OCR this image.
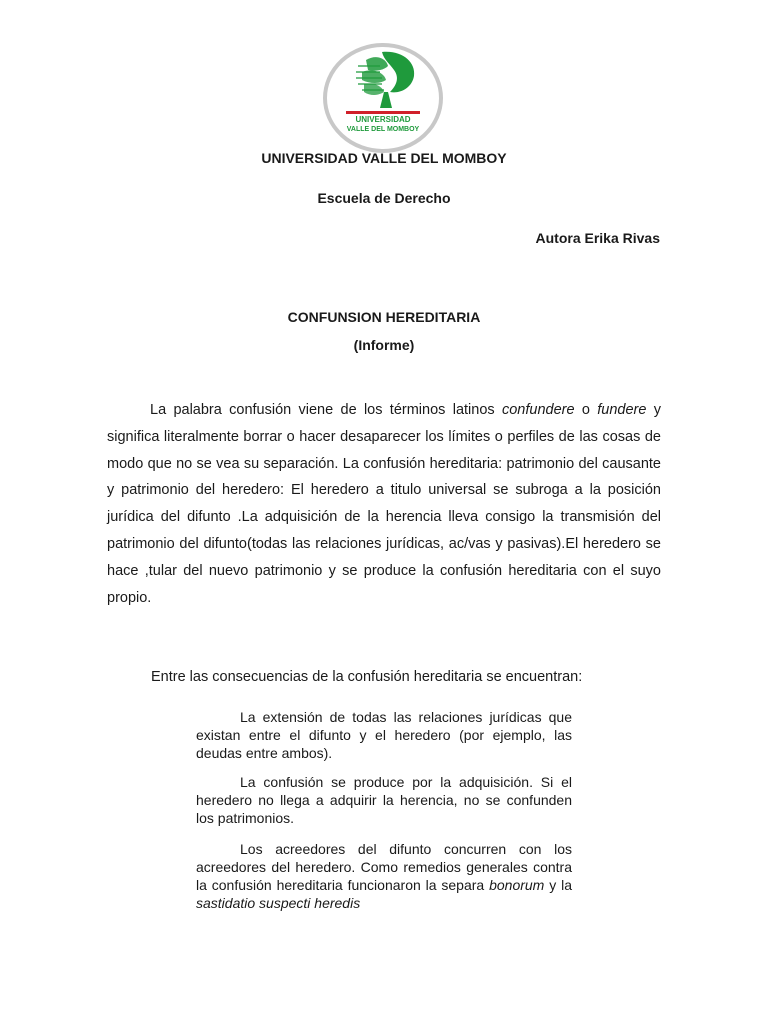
UNIVERSIDAD
VALLE DEL MOMBOY

UNIVERSIDAD VALLE DEL MOMBOY

Escuela de Derecho

Autora Erika Rivas

CONFUNSION HEREDITARIA

(Informe)

La palabra confusión viene de los términos latinos confundere o fundere y significa literalmente borrar o hacer desaparecer los límites o perfiles de las cosas de modo que no se vea su separación. La confusión hereditaria: patrimonio del causante y patrimonio del heredero: El heredero a titulo universal se subroga a la posición jurídica del difunto .La adquisición de la herencia lleva consigo la transmisión del patrimonio del difunto(todas las relaciones jurídicas, ac/vas y pasivas).El heredero se hace ,tular del nuevo patrimonio y se produce la confusión hereditaria con el suyo propio.

Entre las consecuencias de la confusión hereditaria se encuentran:

La extensión de todas las relaciones jurídicas que existan entre el difunto y el heredero (por ejemplo, las deudas entre ambos).

La confusión se produce por la adquisición. Si el heredero no llega a adquirir la herencia, no se confunden los patrimonios.

Los acreedores del difunto concurren con los acreedores del heredero. Como remedios generales contra la confusión hereditaria funcionaron la separa bonorum y la sastidatio suspecti heredis
